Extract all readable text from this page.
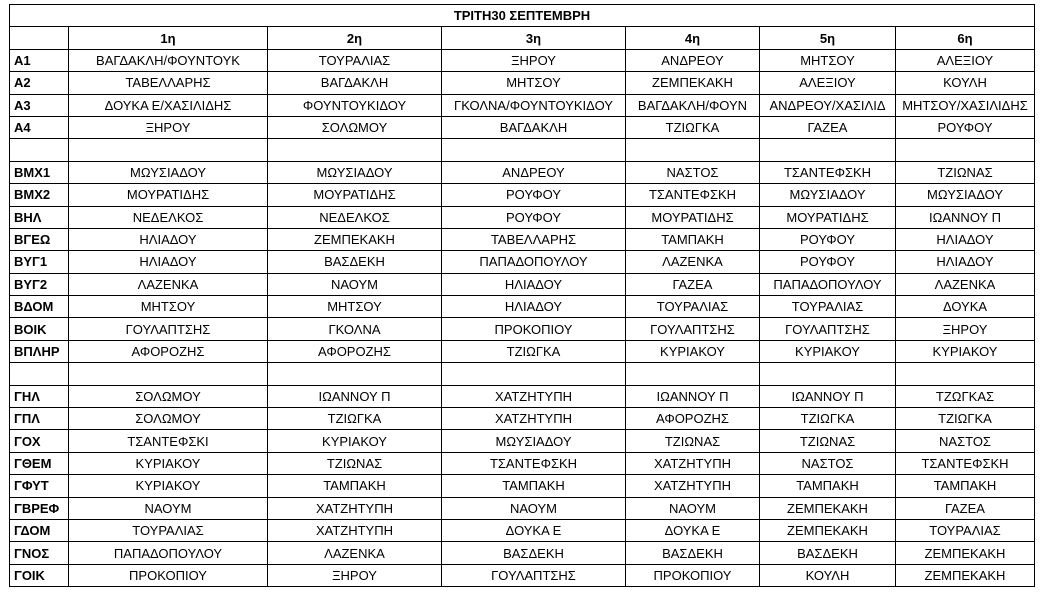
ΤΡΙΤΗ30 ΣΕΠΤΕΜΒΡΗ						
	1η	2η	3η	4η	5η	6η
Α1	ΒΑΓΔΑΚΛΗ/ΦΟΥΝΤΟΥΚ	ΤΟΥΡΑΛΙΑΣ	ΞΗΡΟΥ	ΑΝΔΡΕΟΥ	ΜΗΤΣΟΥ	ΑΛΕΞΙΟΥ
Α2	ΤΑΒΕΛΛΑΡΗΣ	ΒΑΓΔΑΚΛΗ	ΜΗΤΣΟΥ	ΖΕΜΠΕΚΑΚΗ	ΑΛΕΞΙΟΥ	ΚΟΥΛΗ
Α3	ΔΟΥΚΑ Ε/ΧΑΣΙΛΙΔΗΣ	ΦΟΥΝΤΟΥΚΙΔΟΥ	ΓΚΟΛΝΑ/ΦΟΥΝΤΟΥΚΙΔΟΥ	ΒΑΓΔΑΚΛΗ/ΦΟΥΝ	ΑΝΔΡΕΟΥ/ΧΑΣΙΛΙΔ	ΜΗΤΣΟΥ/ΧΑΣΙΛΙΔΗΣ
Α4	ΞΗΡΟΥ	ΣΟΛΩΜΟΥ	ΒΑΓΔΑΚΛΗ	ΤΖΙΩΓΚΑ	ΓΑΖΕΑ	ΡΟΥΦΟΥ

ΒΜΧ1	ΜΩΥΣΙΑΔΟΥ	ΜΩΥΣΙΑΔΟΥ	ΑΝΔΡΕΟΥ	ΝΑΣΤΟΣ	ΤΣΑΝΤΕΦΣΚΗ	ΤΖΙΩΝΑΣ
ΒΜΧ2	ΜΟΥΡΑΤΙΔΗΣ	ΜΟΥΡΑΤΙΔΗΣ	ΡΟΥΦΟΥ	ΤΣΑΝΤΕΦΣΚΗ	ΜΩΥΣΙΑΔΟΥ	ΜΩΥΣΙΑΔΟΥ
ΒΗΛ	ΝΕΔΕΛΚΟΣ	ΝΕΔΕΛΚΟΣ	ΡΟΥΦΟΥ	ΜΟΥΡΑΤΙΔΗΣ	ΜΟΥΡΑΤΙΔΗΣ	ΙΩΑΝΝΟΥ Π
ΒΓΕΩ	ΗΛΙΑΔΟΥ	ΖΕΜΠΕΚΑΚΗ	ΤΑΒΕΛΛΑΡΗΣ	ΤΑΜΠΑΚΗ	ΡΟΥΦΟΥ	ΗΛΙΑΔΟΥ
ΒΥΓ1	ΗΛΙΑΔΟΥ	ΒΑΣΔΕΚΗ	ΠΑΠΑΔΟΠΟΥΛΟΥ	ΛΑΖΕΝΚΑ	ΡΟΥΦΟΥ	ΗΛΙΑΔΟΥ
ΒΥΓ2	ΛΑΖΕΝΚΑ	ΝΑΟΥΜ	ΗΛΙΑΔΟΥ	ΓΑΖΕΑ	ΠΑΠΑΔΟΠΟΥΛΟΥ	ΛΑΖΕΝΚΑ
ΒΔΟΜ	ΜΗΤΣΟΥ	ΜΗΤΣΟΥ	ΗΛΙΑΔΟΥ	ΤΟΥΡΑΛΙΑΣ	ΤΟΥΡΑΛΙΑΣ	ΔΟΥΚΑ
ΒΟΙΚ	ΓΟΥΛΑΠΤΣΗΣ	ΓΚΟΛΝΑ	ΠΡΟΚΟΠΙΟΥ	ΓΟΥΛΑΠΤΣΗΣ	ΓΟΥΛΑΠΤΣΗΣ	ΞΗΡΟΥ
ΒΠΛΗΡ	ΑΦΟΡΟΖΗΣ	ΑΦΟΡΟΖΗΣ	ΤΖΙΩΓΚΑ	ΚΥΡΙΑΚΟΥ	ΚΥΡΙΑΚΟΥ	ΚΥΡΙΑΚΟΥ

ΓΗΛ	ΣΟΛΩΜΟΥ	ΙΩΑΝΝΟΥ Π	ΧΑΤΖΗΤΥΠΗ	ΙΩΑΝΝΟΥ Π	ΙΩΑΝΝΟΥ Π	ΤΖΩΓΚΑΣ
ΓΠΛ	ΣΟΛΩΜΟΥ	ΤΖΙΩΓΚΑ	ΧΑΤΖΗΤΥΠΗ	ΑΦΟΡΟΖΗΣ	ΤΖΙΩΓΚΑ	ΤΖΙΩΓΚΑ
ΓΟΧ	ΤΣΑΝΤΕΦΣΚΙ	ΚΥΡΙΑΚΟΥ	ΜΩΥΣΙΑΔΟΥ	ΤΖΙΩΝΑΣ	ΤΖΙΩΝΑΣ	ΝΑΣΤΟΣ
ΓΘΕΜ	ΚΥΡΙΑΚΟΥ	ΤΖΙΩΝΑΣ	ΤΣΑΝΤΕΦΣΚΗ	ΧΑΤΖΗΤΥΠΗ	ΝΑΣΤΟΣ	ΤΣΑΝΤΕΦΣΚΗ
ΓΦΥΤ	ΚΥΡΙΑΚΟΥ	ΤΑΜΠΑΚΗ	ΤΑΜΠΑΚΗ	ΧΑΤΖΗΤΥΠΗ	ΤΑΜΠΑΚΗ	ΤΑΜΠΑΚΗ
ΓΒΡΕΦ	ΝΑΟΥΜ	ΧΑΤΖΗΤΥΠΗ	ΝΑΟΥΜ	ΝΑΟΥΜ	ΖΕΜΠΕΚΑΚΗ	ΓΑΖΕΑ
ΓΔΟΜ	ΤΟΥΡΑΛΙΑΣ	ΧΑΤΖΗΤΥΠΗ	ΔΟΥΚΑ Ε	ΔΟΥΚΑ Ε	ΖΕΜΠΕΚΑΚΗ	ΤΟΥΡΑΛΙΑΣ
ΓΝΟΣ	ΠΑΠΑΔΟΠΟΥΛΟΥ	ΛΑΖΕΝΚΑ	ΒΑΣΔΕΚΗ	ΒΑΣΔΕΚΗ	ΒΑΣΔΕΚΗ	ΖΕΜΠΕΚΑΚΗ
ΓΟΙΚ	ΠΡΟΚΟΠΙΟΥ	ΞΗΡΟΥ	ΓΟΥΛΑΠΤΣΗΣ	ΠΡΟΚΟΠΙΟΥ	ΚΟΥΛΗ	ΖΕΜΠΕΚΑΚΗ
